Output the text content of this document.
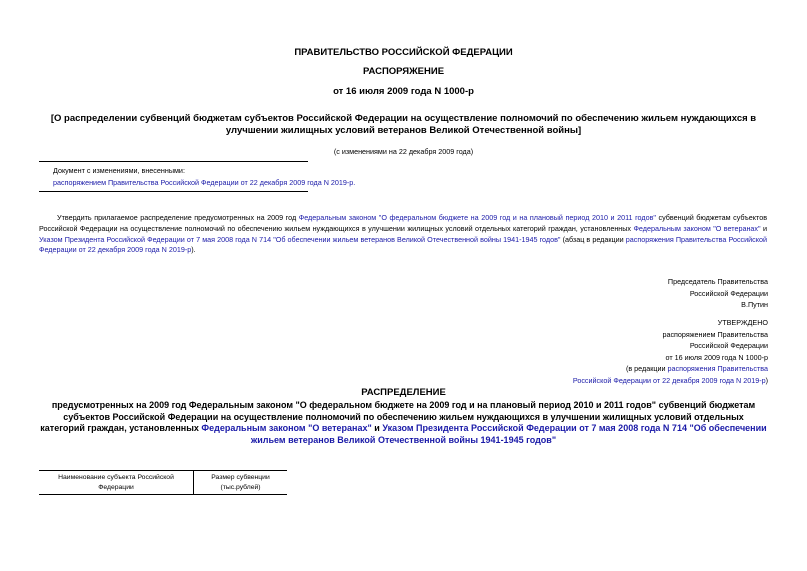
ПРАВИТЕЛЬСТВО РОССИЙСКОЙ ФЕДЕРАЦИИ
РАСПОРЯЖЕНИЕ
от 16 июля 2009 года N 1000-р
[О распределении субвенций бюджетам субъектов Российской Федерации на осуществление полномочий по обеспечению жильем нуждающихся в улучшении жилищных условий ветеранов Великой Отечественной войны]
(с изменениями на 22 декабря 2009 года)
Документ с изменениями, внесенными:
распоряжением Правительства Российской Федерации от 22 декабря 2009 года N 2019-р.
Утвердить прилагаемое распределение предусмотренных на 2009 год Федеральным законом "О федеральном бюджете на 2009 год и на плановый период 2010 и 2011 годов" субвенций бюджетам субъектов Российской Федерации на осуществление полномочий по обеспечению жильем нуждающихся в улучшении жилищных условий отдельных категорий граждан, установленных Федеральным законом "О ветеранах" и Указом Президента Российской Федерации от 7 мая 2008 года N 714 "Об обеспечении жильем ветеранов Великой Отечественной войны 1941-1945 годов" (абзац в редакции распоряжения Правительства Российской Федерации от 22 декабря 2009 года N 2019-р).
Председатель Правительства
Российской Федерации
В.Путин
УТВЕРЖДЕНО
распоряжением Правительства
Российской Федерации
от 16 июля 2009 года N 1000-р
(в редакции распоряжения Правительства
Российской Федерации от 22 декабря 2009 года N 2019-р)
РАСПРЕДЕЛЕНИЕ
предусмотренных на 2009 год Федеральным законом "О федеральном бюджете на 2009 год и на плановый период 2010 и 2011 годов" субвенций бюджетам субъектов Российской Федерации на осуществление полномочий по обеспечению жильем нуждающихся в улучшении жилищных условий отдельных категорий граждан, установленных Федеральным законом "О ветеранах" и Указом Президента Российской Федерации от 7 мая 2008 года N 714 "Об обеспечении жильем ветеранов Великой Отечественной войны 1941-1945 годов"
Наименование субъекта Российской Федерации	Размер субвенции (тыс.рублей)
